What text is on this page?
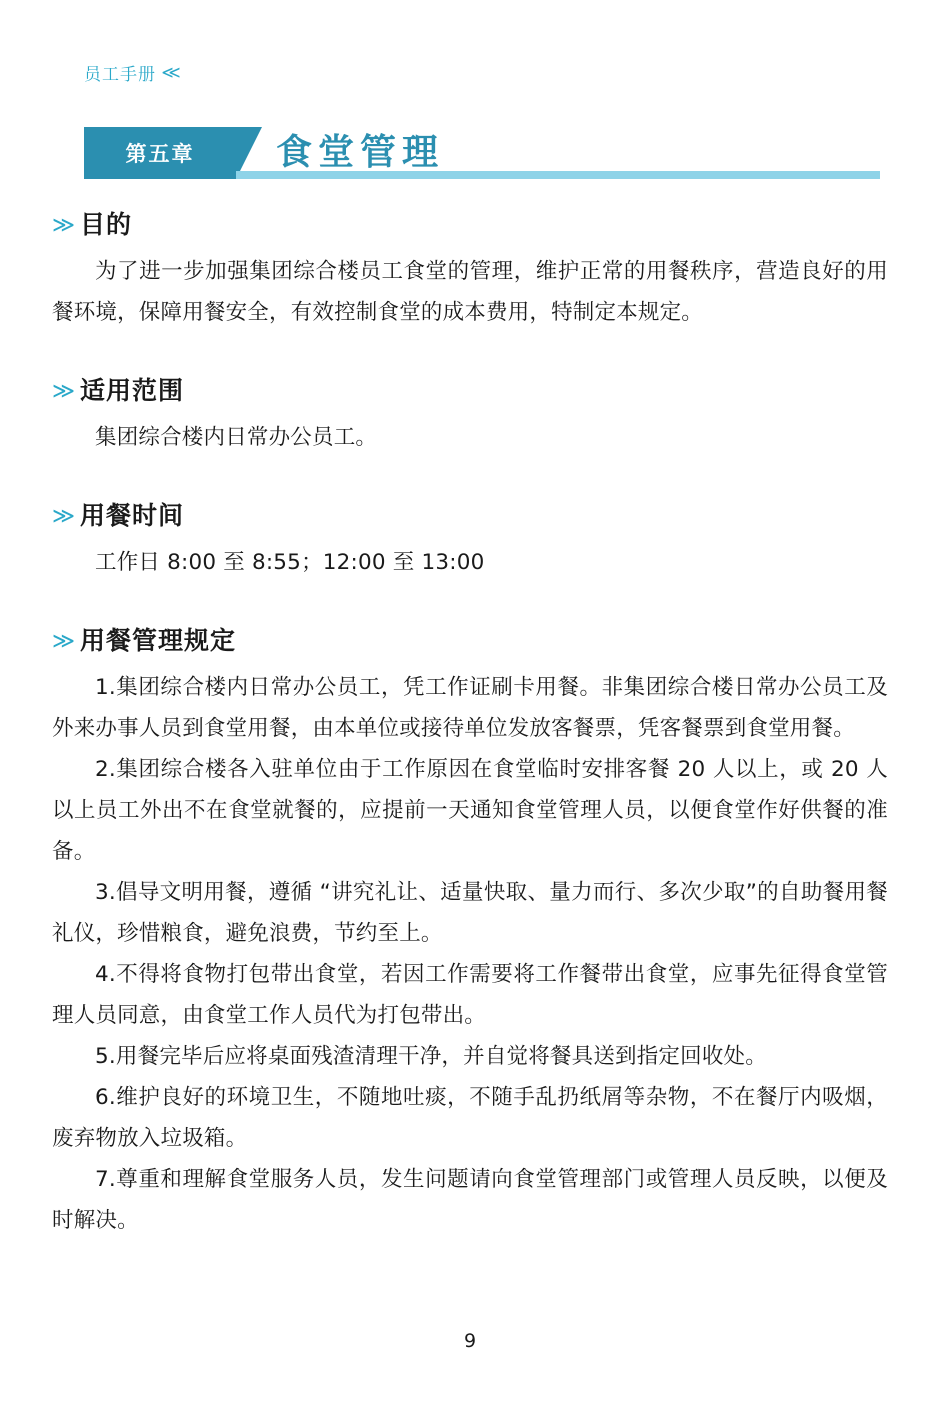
员工手册 ≪
第五章	食堂管理
≫ 目的

为了进一步加强集团综合楼员工食堂的管理，维护正常的用餐秩序，营造良好的用餐环境，保障用餐安全，有效控制食堂的成本费用，特制定本规定。

≫ 适用范围

集团综合楼内日常办公员工。

≫ 用餐时间

工作日 8:00 至 8:55；12:00 至 13:00

≫ 用餐管理规定

1.集团综合楼内日常办公员工，凭工作证刷卡用餐。非集团综合楼日常办公员工及外来办事人员到食堂用餐，由本单位或接待单位发放客餐票，凭客餐票到食堂用餐。

2.集团综合楼各入驻单位由于工作原因在食堂临时安排客餐 20 人以上，或 20 人以上员工外出不在食堂就餐的，应提前一天通知食堂管理人员，以便食堂作好供餐的准备。

3.倡导文明用餐，遵循 “讲究礼让、适量快取、量力而行、多次少取”的自助餐用餐礼仪，珍惜粮食，避免浪费，节约至上。

4.不得将食物打包带出食堂，若因工作需要将工作餐带出食堂，应事先征得食堂管理人员同意，由食堂工作人员代为打包带出。

5.用餐完毕后应将桌面残渣清理干净，并自觉将餐具送到指定回收处。

6.维护良好的环境卫生，不随地吐痰，不随手乱扔纸屑等杂物，不在餐厅内吸烟，废弃物放入垃圾箱。

7.尊重和理解食堂服务人员，发生问题请向食堂管理部门或管理人员反映，以便及时解决。

9
